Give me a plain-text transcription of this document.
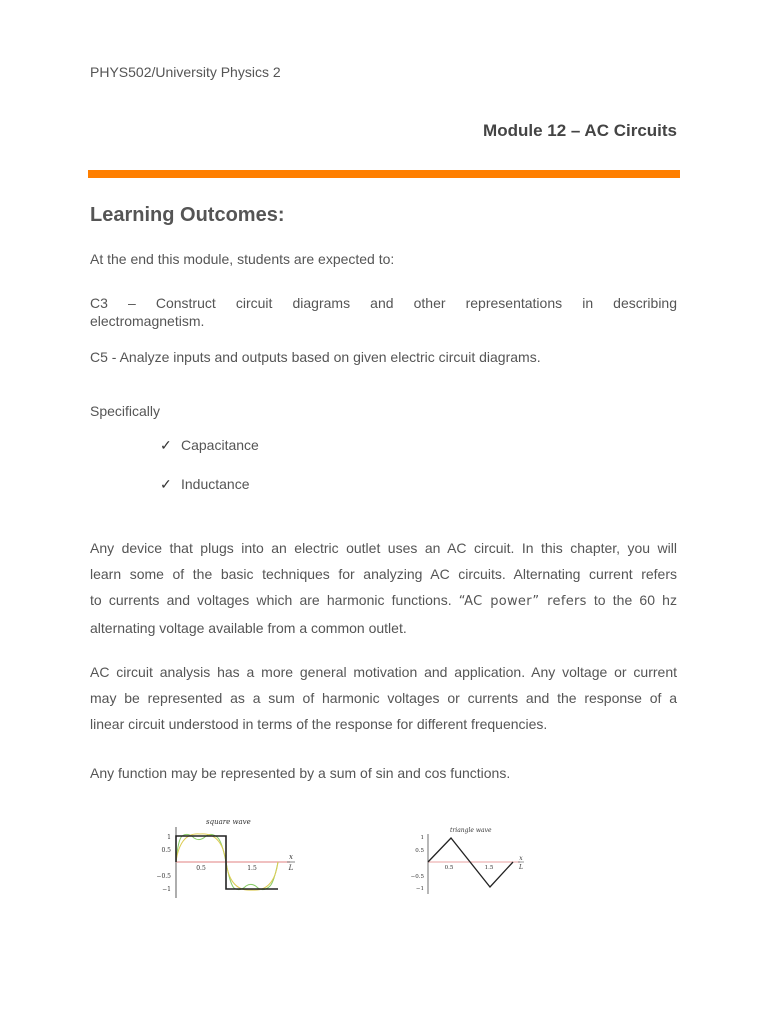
PHYS502/University Physics 2
Module 12 – AC Circuits
Learning Outcomes:
At the end this module, students are expected to:
C3 – Construct circuit diagrams and other representations in describing
electromagnetism.
C5 - Analyze inputs and outputs based on given electric circuit diagrams.
Specifically
✓ Capacitance
✓ Inductance
Any device that plugs into an electric outlet uses an AC circuit. In this chapter, you will
learn some of the basic techniques for analyzing AC circuits. Alternating current refers
to currents and voltages which are harmonic functions. “AC power” refers to the 60 hz
alternating voltage available from a common outlet.
AC circuit analysis has a more general motivation and application. Any voltage or current
may be represented as a sum of harmonic voltages or currents and the response of a
linear circuit understood in terms of the response for different frequencies.
Any function may be represented by a sum of sin and cos functions.
square wave
1
0.5
−0.5
−1
0.5	1.5
x
L
triangle wave
1
0.5
−0.5
−1
0.5	1.5
x
L
